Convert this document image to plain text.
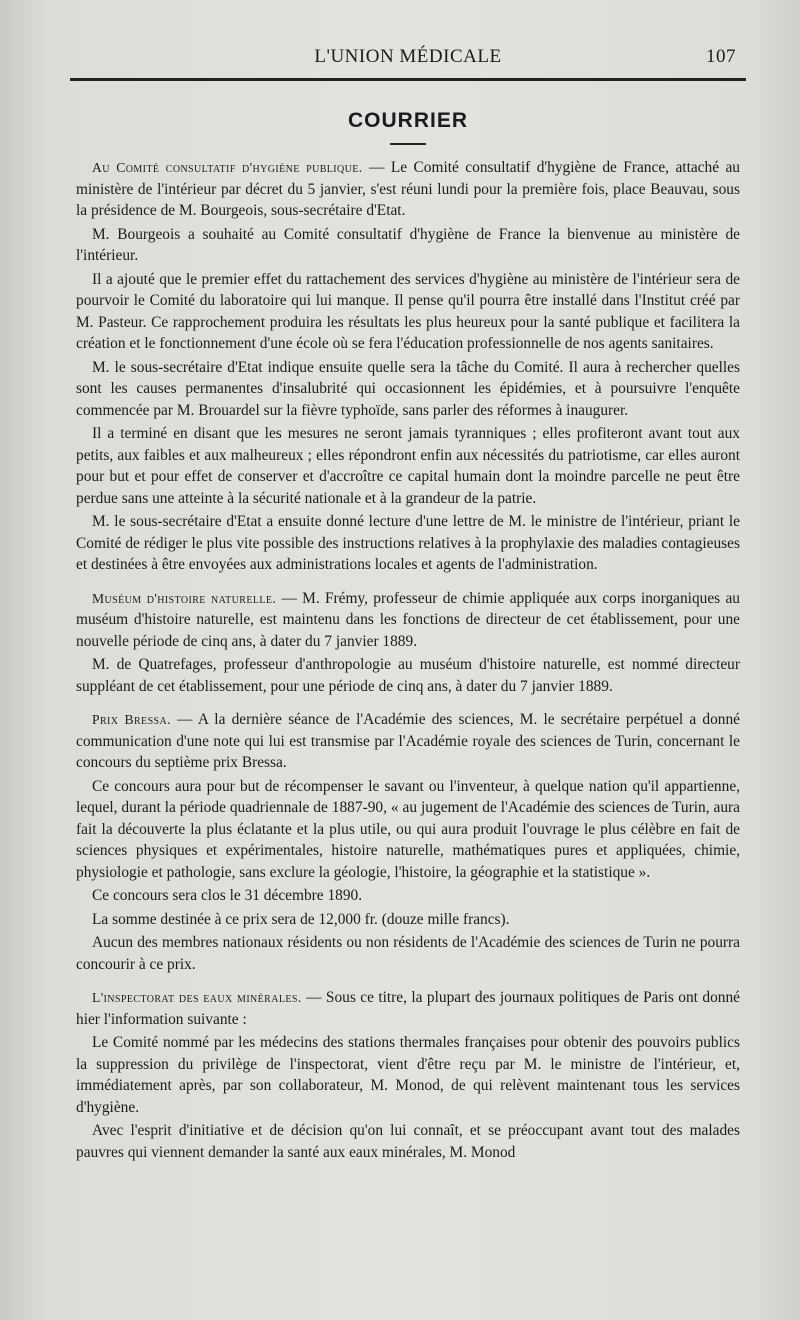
L'UNION MÉDICALE	107
COURRIER

Au Comité consultatif d'hygiène publique. — Le Comité consultatif d'hygiène de France, attaché au ministère de l'intérieur par décret du 5 janvier, s'est réuni lundi pour la première fois, place Beauvau, sous la présidence de M. Bourgeois, sous-secrétaire d'Etat.

M. Bourgeois a souhaité au Comité consultatif d'hygiène de France la bienvenue au ministère de l'intérieur.

Il a ajouté que le premier effet du rattachement des services d'hygiène au ministère de l'intérieur sera de pourvoir le Comité du laboratoire qui lui manque. Il pense qu'il pourra être installé dans l'Institut créé par M. Pasteur. Ce rapprochement produira les résultats les plus heureux pour la santé publique et facilitera la création et le fonctionnement d'une école où se fera l'éducation professionnelle de nos agents sanitaires.

M. le sous-secrétaire d'Etat indique ensuite quelle sera la tâche du Comité. Il aura à rechercher quelles sont les causes permanentes d'insalubrité qui occasionnent les épidémies, et à poursuivre l'enquête commencée par M. Brouardel sur la fièvre typhoïde, sans parler des réformes à inaugurer.

Il a terminé en disant que les mesures ne seront jamais tyranniques ; elles profiteront avant tout aux petits, aux faibles et aux malheureux ; elles répondront enfin aux nécessités du patriotisme, car elles auront pour but et pour effet de conserver et d'accroître ce capital humain dont la moindre parcelle ne peut être perdue sans une atteinte à la sécurité nationale et à la grandeur de la patrie.

M. le sous-secrétaire d'Etat a ensuite donné lecture d'une lettre de M. le ministre de l'intérieur, priant le Comité de rédiger le plus vite possible des instructions relatives à la prophylaxie des maladies contagieuses et destinées à être envoyées aux administrations locales et agents de l'administration.

Muséum d'histoire naturelle. — M. Frémy, professeur de chimie appliquée aux corps inorganiques au muséum d'histoire naturelle, est maintenu dans les fonctions de directeur de cet établissement, pour une nouvelle période de cinq ans, à dater du 7 janvier 1889.

M. de Quatrefages, professeur d'anthropologie au muséum d'histoire naturelle, est nommé directeur suppléant de cet établissement, pour une période de cinq ans, à dater du 7 janvier 1889.

Prix Bressa. — A la dernière séance de l'Académie des sciences, M. le secrétaire perpétuel a donné communication d'une note qui lui est transmise par l'Académie royale des sciences de Turin, concernant le concours du septième prix Bressa.

Ce concours aura pour but de récompenser le savant ou l'inventeur, à quelque nation qu'il appartienne, lequel, durant la période quadriennale de 1887-90, « au jugement de l'Académie des sciences de Turin, aura fait la découverte la plus éclatante et la plus utile, ou qui aura produit l'ouvrage le plus célèbre en fait de sciences physiques et expérimentales, histoire naturelle, mathématiques pures et appliquées, chimie, physiologie et pathologie, sans exclure la géologie, l'histoire, la géographie et la statistique ».

Ce concours sera clos le 31 décembre 1890.

La somme destinée à ce prix sera de 12,000 fr. (douze mille francs).

Aucun des membres nationaux résidents ou non résidents de l'Académie des sciences de Turin ne pourra concourir à ce prix.

L'inspectorat des eaux minérales. — Sous ce titre, la plupart des journaux politiques de Paris ont donné hier l'information suivante :

Le Comité nommé par les médecins des stations thermales françaises pour obtenir des pouvoirs publics la suppression du privilège de l'inspectorat, vient d'être reçu par M. le ministre de l'intérieur, et, immédiatement après, par son collaborateur, M. Monod, de qui relèvent maintenant tous les services d'hygiène.

Avec l'esprit d'initiative et de décision qu'on lui connaît, et se préoccupant avant tout des malades pauvres qui viennent demander la santé aux eaux minérales, M. Monod
